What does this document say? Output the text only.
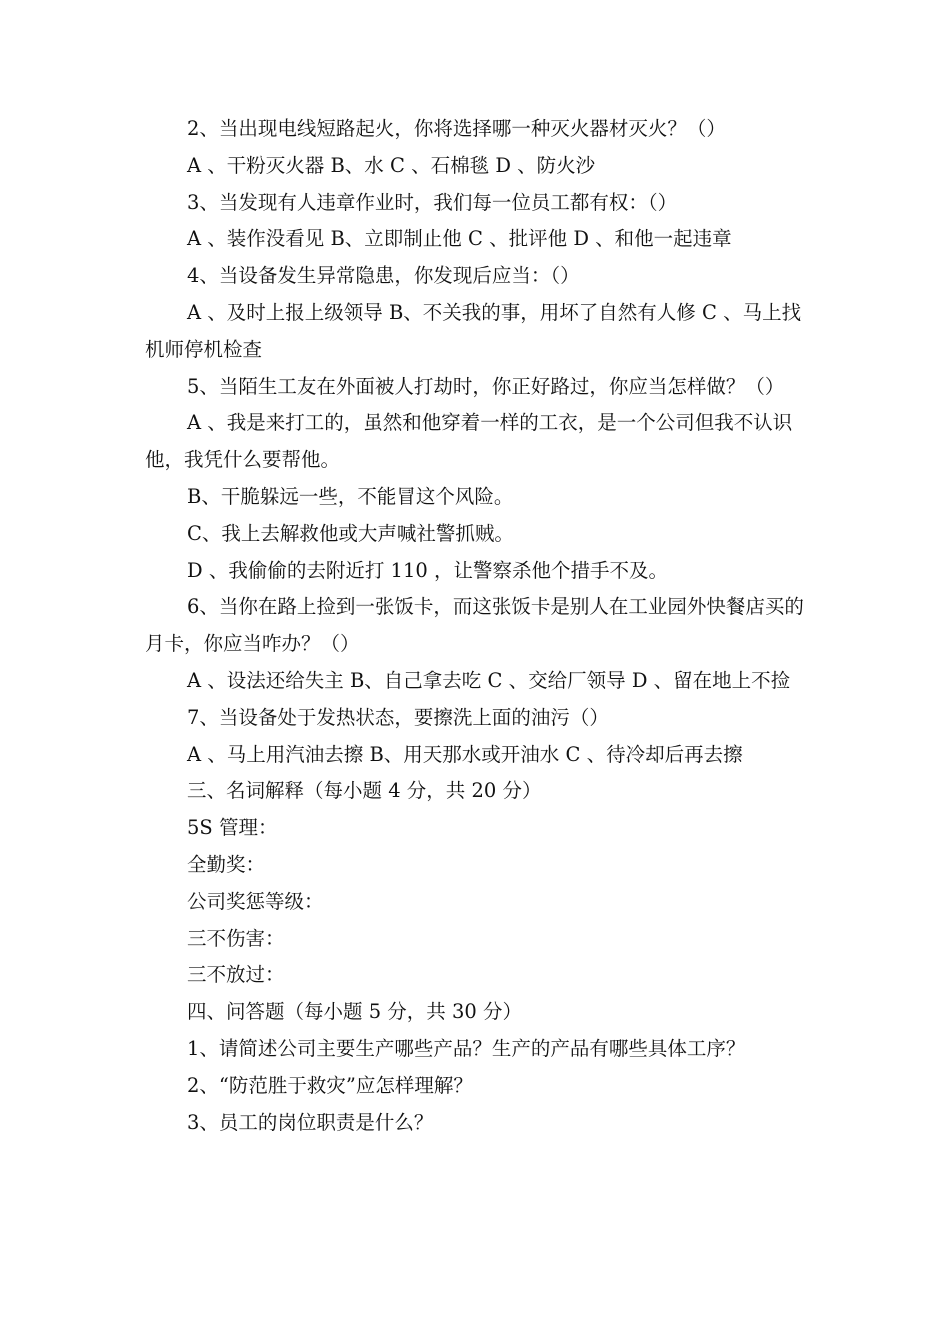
2、当出现电线短路起火，你将选择哪一种灭火器材灭火？（）

A 、干粉灭火器 B、水 C 、石棉毯 D 、防火沙

3、当发现有人违章作业时，我们每一位员工都有权：（）

A 、装作没看见 B、立即制止他 C 、批评他 D 、和他一起违章

4、当设备发生异常隐患，你发现后应当：（）

A 、及时上报上级领导 B、不关我的事，用坏了自然有人修 C 、马上找机师停机检查

5、当陌生工友在外面被人打劫时，你正好路过，你应当怎样做？（）

A 、我是来打工的，虽然和他穿着一样的工衣，是一个公司但我不认识他，我凭什么要帮他。

B、干脆躲远一些，不能冒这个风险。

C、我上去解救他或大声喊社警抓贼。

D 、我偷偷的去附近打 110 ，让警察杀他个措手不及。

6、当你在路上捡到一张饭卡，而这张饭卡是别人在工业园外快餐店买的月卡，你应当咋办？（）

A 、设法还给失主 B、自己拿去吃 C 、交给厂领导 D 、留在地上不捡

7、当设备处于发热状态，要擦洗上面的油污（）

A 、马上用汽油去擦 B、用天那水或开油水 C 、待冷却后再去擦

三、名词解释（每小题 4 分，共 20 分）

5S 管理：

全勤奖：

公司奖惩等级：

三不伤害：

三不放过：

四、问答题（每小题 5 分，共 30 分）

1、请简述公司主要生产哪些产品？生产的产品有哪些具体工序？

2、“防范胜于救灾”应怎样理解？

3、员工的岗位职责是什么？
